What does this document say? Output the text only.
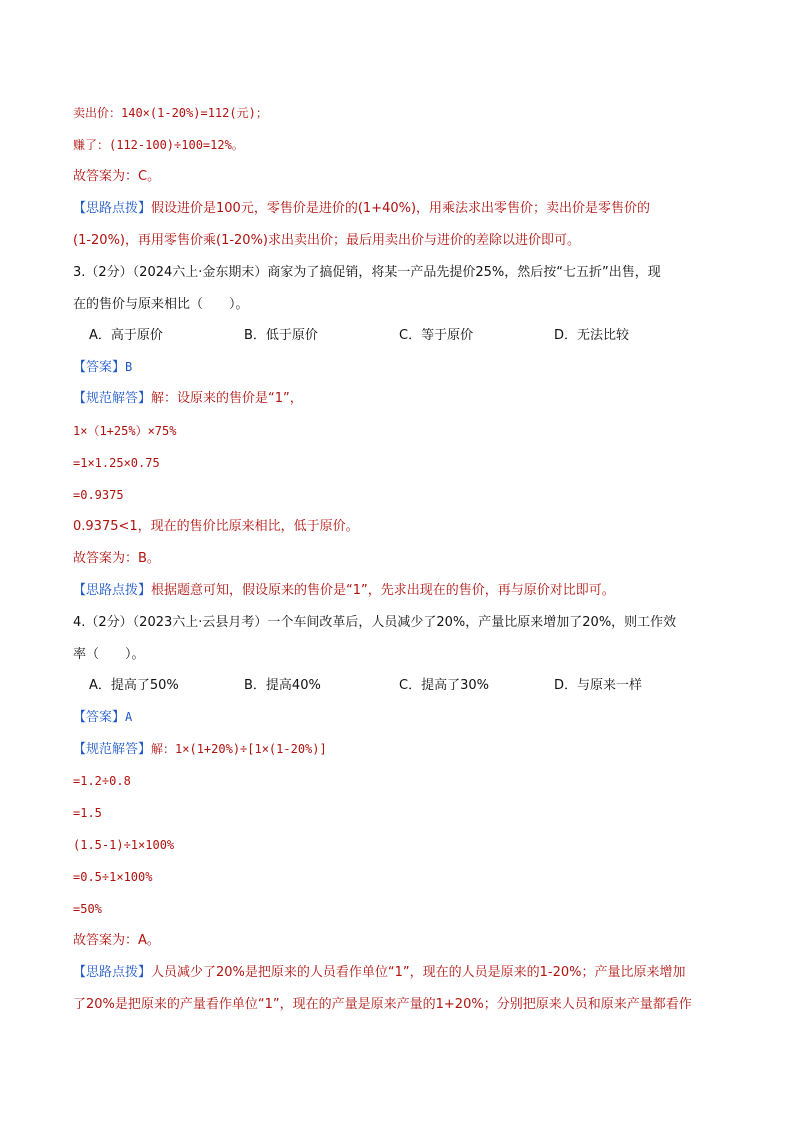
卖出价：140×(1-20%)=112(元)；
赚了：(112-100)÷100=12%。
故答案为：C。
【思路点拨】假设进价是100元，零售价是进价的(1+40%)，用乘法求出零售价；卖出价是零售价的
(1-20%)，再用零售价乘(1-20%)求出卖出价；最后用卖出价与进价的差除以进价即可。
3.（2分）（2024六上·金东期末）商家为了搞促销，将某一产品先提价25%，然后按“七五折”出售，现
在的售价与原来相比（　　）。
A．高于原价	B．低于原价	C．等于原价	D．无法比较
【答案】B
【规范解答】解：设原来的售价是“1”，
1×（1+25%）×75%
=1×1.25×0.75
=0.9375
0.9375<1，现在的售价比原来相比，低于原价。
故答案为：B。
【思路点拨】根据题意可知，假设原来的售价是“1”，先求出现在的售价，再与原价对比即可。
4.（2分）（2023六上·云县月考）一个车间改革后，人员减少了20%，产量比原来增加了20%，则工作效
率（　　）。
A．提高了50%	B．提高40%	C．提高了30%	D．与原来一样
【答案】A
【规范解答】解：1×(1+20%)÷[1×(1-20%)]
=1.2÷0.8
=1.5
(1.5-1)÷1×100%
=0.5÷1×100%
=50%
故答案为：A。
【思路点拨】人员减少了20%是把原来的人员看作单位“1”，现在的人员是原来的1-20%；产量比原来增加
了20%是把原来的产量看作单位“1”，现在的产量是原来产量的1+20%；分别把原来人员和原来产量都看作
